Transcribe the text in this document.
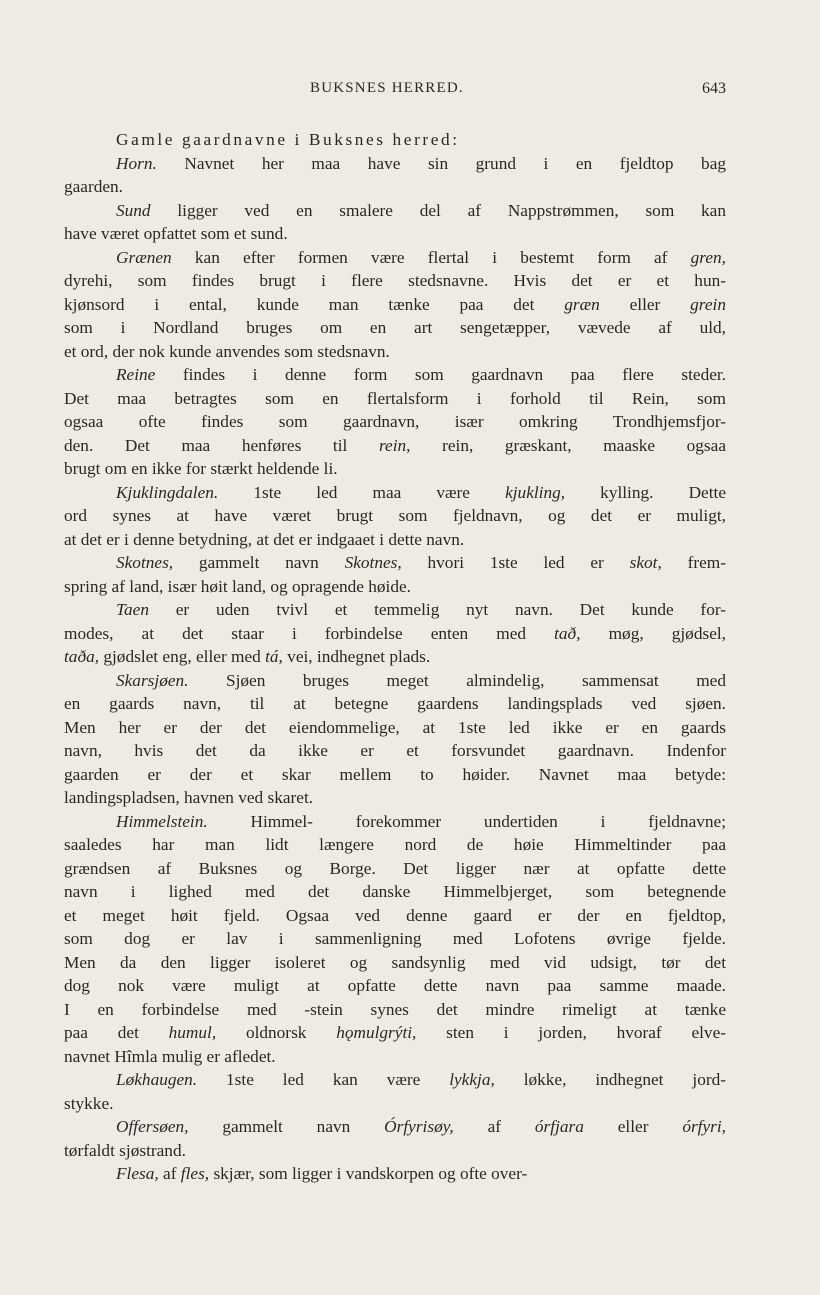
BUKSNES HERRED.	643
Gamle gaardnavne i Buksnes herred:
Horn. Navnet her maa have sin grund i en fjeldtop bag
gaarden.
Sund ligger ved en smalere del af Nappstrømmen, som kan
have været opfattet som et sund.
Grænen kan efter formen være flertal i bestemt form af gren,
dyrehi, som findes brugt i flere stedsnavne. Hvis det er et hun-
kjønsord i ental, kunde man tænke paa det græn eller grein
som i Nordland bruges om en art sengetæpper, vævede af uld,
et ord, der nok kunde anvendes som stedsnavn.
Reine findes i denne form som gaardnavn paa flere steder.
Det maa betragtes som en flertalsform i forhold til Rein, som
ogsaa ofte findes som gaardnavn, især omkring Trondhjemsfjor-
den. Det maa henføres til rein, rein, græskant, maaske ogsaa
brugt om en ikke for stærkt heldende li.
Kjuklingdalen. 1ste led maa være kjukling, kylling. Dette
ord synes at have været brugt som fjeldnavn, og det er muligt,
at det er i denne betydning, at det er indgaaet i dette navn.
Skotnes, gammelt navn Skotnes, hvori 1ste led er skot, frem-
spring af land, især høit land, og opragende høide.
Taen er uden tvivl et temmelig nyt navn. Det kunde for-
modes, at det staar i forbindelse enten med tað, møg, gjødsel,
taða, gjødslet eng, eller med tá, vei, indhegnet plads.
Skarsjøen. Sjøen bruges meget almindelig, sammensat med
en gaards navn, til at betegne gaardens landingsplads ved sjøen.
Men her er der det eiendommelige, at 1ste led ikke er en gaards
navn, hvis det da ikke er et forsvundet gaardnavn. Indenfor
gaarden er der et skar mellem to høider. Navnet maa betyde:
landingspladsen, havnen ved skaret.
Himmelstein. Himmel- forekommer undertiden i fjeldnavne;
saaledes har man lidt længere nord de høie Himmeltinder paa
grændsen af Buksnes og Borge. Det ligger nær at opfatte dette
navn i lighed med det danske Himmelbjerget, som betegnende
et meget høit fjeld. Ogsaa ved denne gaard er der en fjeldtop,
som dog er lav i sammenligning med Lofotens øvrige fjelde.
Men da den ligger isoleret og sandsynlig med vid udsigt, tør det
dog nok være muligt at opfatte dette navn paa samme maade.
I en forbindelse med -stein synes det mindre rimeligt at tænke
paa det humul, oldnorsk hǫmulgrýti, sten i jorden, hvoraf elve-
navnet Hîmla mulig er afledet.
Løkhaugen. 1ste led kan være lykkja, løkke, indhegnet jord-
stykke.
Offersøen, gammelt navn Órfyrisøy, af órfjara eller órfyri,
tørfaldt sjøstrand.
Flesa, af fles, skjær, som ligger i vandskorpen og ofte over-
